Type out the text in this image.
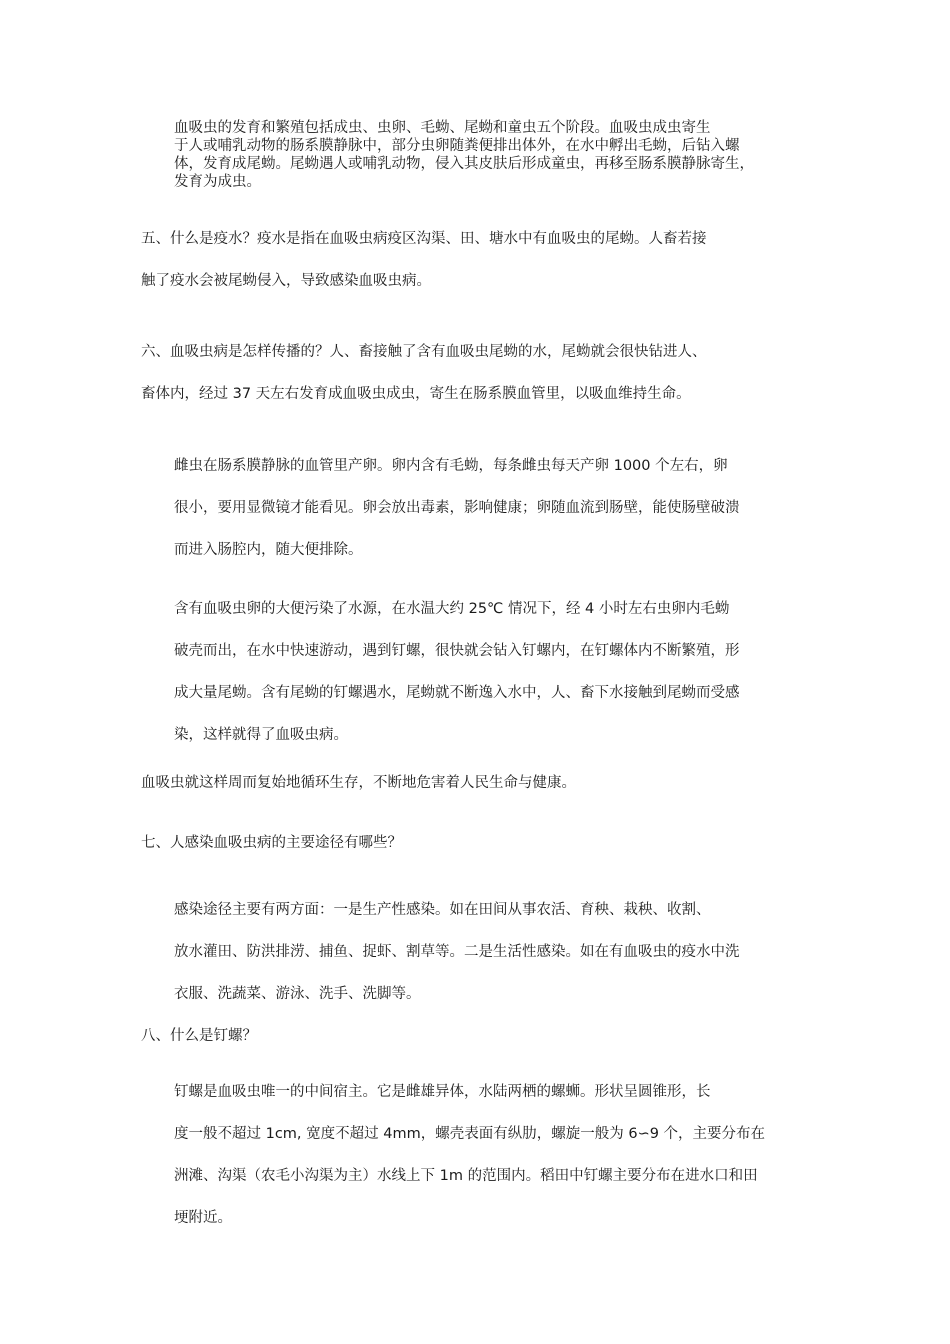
血吸虫的发育和繁殖包括成虫、虫卵、毛蚴、尾蚴和童虫五个阶段。血吸虫成虫寄生
于人或哺乳动物的肠系膜静脉中，部分虫卵随粪便排出体外，在水中孵出毛蚴，后钻入螺
体，发育成尾蚴。尾蚴遇人或哺乳动物，侵入其皮肤后形成童虫，再移至肠系膜静脉寄生，
发育为成虫。

五、什么是疫水？疫水是指在血吸虫病疫区沟渠、田、塘水中有血吸虫的尾蚴。人畜若接
触了疫水会被尾蚴侵入，导致感染血吸虫病。

六、血吸虫病是怎样传播的？人、畜接触了含有血吸虫尾蚴的水，尾蚴就会很快钻进人、
畜体内，经过 37 天左右发育成血吸虫成虫，寄生在肠系膜血管里，以吸血维持生命。

雌虫在肠系膜静脉的血管里产卵。卵内含有毛蚴，每条雌虫每天产卵 1000 个左右，卵
很小，要用显微镜才能看见。卵会放出毒素，影响健康；卵随血流到肠壁，能使肠壁破溃
而进入肠腔内，随大便排除。

含有血吸虫卵的大便污染了水源，在水温大约 25℃ 情况下，经 4 小时左右虫卵内毛蚴
破壳而出，在水中快速游动，遇到钉螺，很快就会钻入钉螺内，在钉螺体内不断繁殖，形
成大量尾蚴。含有尾蚴的钉螺遇水，尾蚴就不断逸入水中，人、畜下水接触到尾蚴而受感
染，这样就得了血吸虫病。

血吸虫就这样周而复始地循环生存，不断地危害着人民生命与健康。

七、人感染血吸虫病的主要途径有哪些？

感染途径主要有两方面：一是生产性感染。如在田间从事农活、育秧、栽秧、收割、
放水灌田、防洪排涝、捕鱼、捉虾、割草等。二是生活性感染。如在有血吸虫的疫水中洗
衣服、洗蔬菜、游泳、洗手、洗脚等。

八、什么是钉螺？

钉螺是血吸虫唯一的中间宿主。它是雌雄异体，水陆两栖的螺蛳。形状呈圆锥形，长
度一般不超过 1cm, 宽度不超过 4mm，螺壳表面有纵肋，螺旋一般为 6∽9 个，主要分布在
洲滩、沟渠（农毛小沟渠为主）水线上下 1m 的范围内。稻田中钉螺主要分布在进水口和田
埂附近。
